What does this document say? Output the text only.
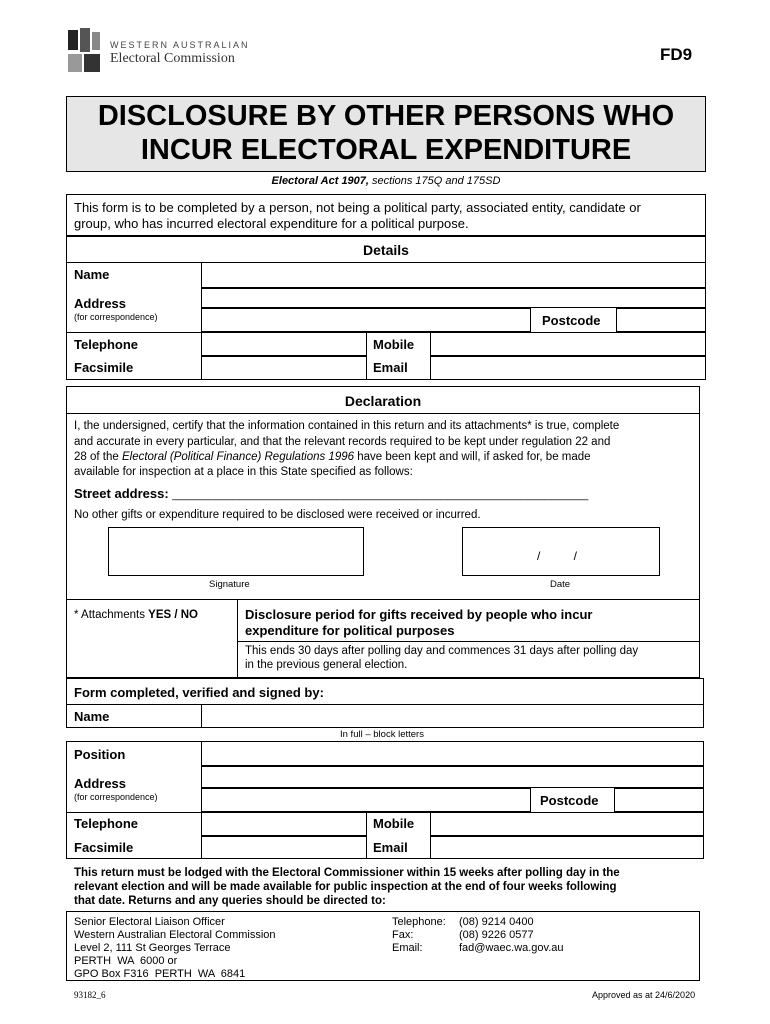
WESTERN AUSTRALIAN
Electoral Commission	FD9
DISCLOSURE BY OTHER PERSONS WHO
INCUR ELECTORAL EXPENDITURE
Electoral Act 1907, sections 175Q and 175SD
This form is to be completed by a person, not being a political party, associated entity, candidate or
group, who has incurred electoral expenditure for a political purpose.
Details
Name
Address
(for correspondence)	Postcode
Telephone	Mobile
Facsimile	Email
Declaration
I, the undersigned, certify that the information contained in this return and its attachments* is true, complete
and accurate in every particular, and that the relevant records required to be kept under regulation 22 and
28 of the Electoral (Political Finance) Regulations 1996 have been kept and will, if asked for, be made
available for inspection at a place in this State specified as follows:
Street address: ____________________________________________________________________
No other gifts or expenditure required to be disclosed were received or incurred.
/          /
Signature	Date
* Attachments YES / NO	Disclosure period for gifts received by people who incur
expenditure for political purposes
This ends 30 days after polling day and commences 31 days after polling day
in the previous general election.
Form completed, verified and signed by:
Name
In full – block letters
Position
Address
(for correspondence)	Postcode
Telephone	Mobile
Facsimile	Email
This return must be lodged with the Electoral Commissioner within 15 weeks after polling day in the
relevant election and will be made available for public inspection at the end of four weeks following
that date. Returns and any queries should be directed to:
Senior Electoral Liaison Officer
Western Australian Electoral Commission
Level 2, 111 St Georges Terrace
PERTH  WA  6000 or
GPO Box F316  PERTH  WA  6841
Telephone: (08) 9214 0400
Fax:	(08) 9226 0577
Email:	fad@waec.wa.gov.au
93182_6	Approved as at 24/6/2020
